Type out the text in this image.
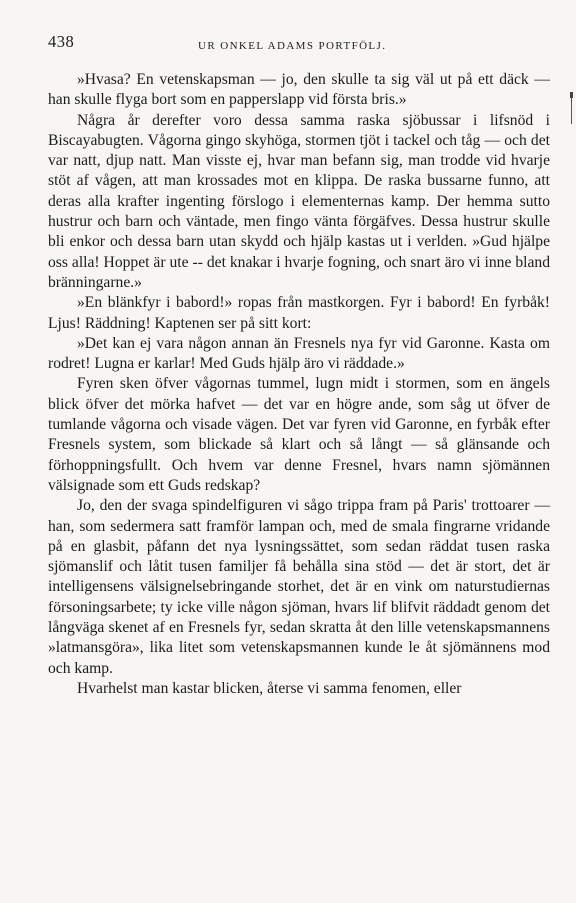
438	UR ONKEL ADAMS PORTFÖLJ.

»Hvasa? En vetenskapsman — jo, den skulle ta sig väl ut på ett däck — han skulle flyga bort som en papperslapp vid första bris.»

Några år derefter voro dessa samma raska sjöbussar i lifsnöd i Biscayabugten. Vågorna gingo skyhöga, stormen tjöt i tackel och tåg — och det var natt, djup natt. Man visste ej, hvar man befann sig, man trodde vid hvarje stöt af vågen, att man krossades mot en klippa. De raska bussarne funno, att deras alla krafter ingenting förslogo i elementernas kamp. Der hemma sutto hustrur och barn och väntade, men fingo vänta förgäfves. Dessa hustrur skulle bli enkor och dessa barn utan skydd och hjälp kastas ut i verlden. »Gud hjälpe oss alla! Hoppet är ute -- det knakar i hvarje fogning, och snart äro vi inne bland bränningarne.»

»En blänkfyr i babord!» ropas från mastkorgen. Fyr i babord! En fyrbåk! Ljus! Räddning! Kaptenen ser på sitt kort:

»Det kan ej vara någon annan än Fresnels nya fyr vid Garonne. Kasta om rodret! Lugna er karlar! Med Guds hjälp äro vi räddade.»

Fyren sken öfver vågornas tummel, lugn midt i stormen, som en ängels blick öfver det mörka hafvet — det var en högre ande, som såg ut öfver de tumlande vågorna och visade vägen. Det var fyren vid Garonne, en fyrbåk efter Fresnels system, som blickade så klart och så långt — så glänsande och förhoppningsfullt. Och hvem var denne Fresnel, hvars namn sjömännen välsignade som ett Guds redskap?

Jo, den der svaga spindelfiguren vi sågo trippa fram på Paris' trottoarer — han, som sedermera satt framför lampan och, med de smala fingrarne vridande på en glasbit, påfann det nya lysningssättet, som sedan räddat tusen raska sjömanslif och låtit tusen familjer få behålla sina stöd — det är stort, det är intelligensens välsignelsebringande storhet, det är en vink om naturstudiernas försoningsarbete; ty icke ville någon sjöman, hvars lif blifvit räddadt genom det långväga skenet af en Fresnels fyr, sedan skratta åt den lille vetenskapsmannens »latmansgöra», lika litet som vetenskapsmannen kunde le åt sjömännens mod och kamp.

Hvarhelst man kastar blicken, återse vi samma fenomen, eller
